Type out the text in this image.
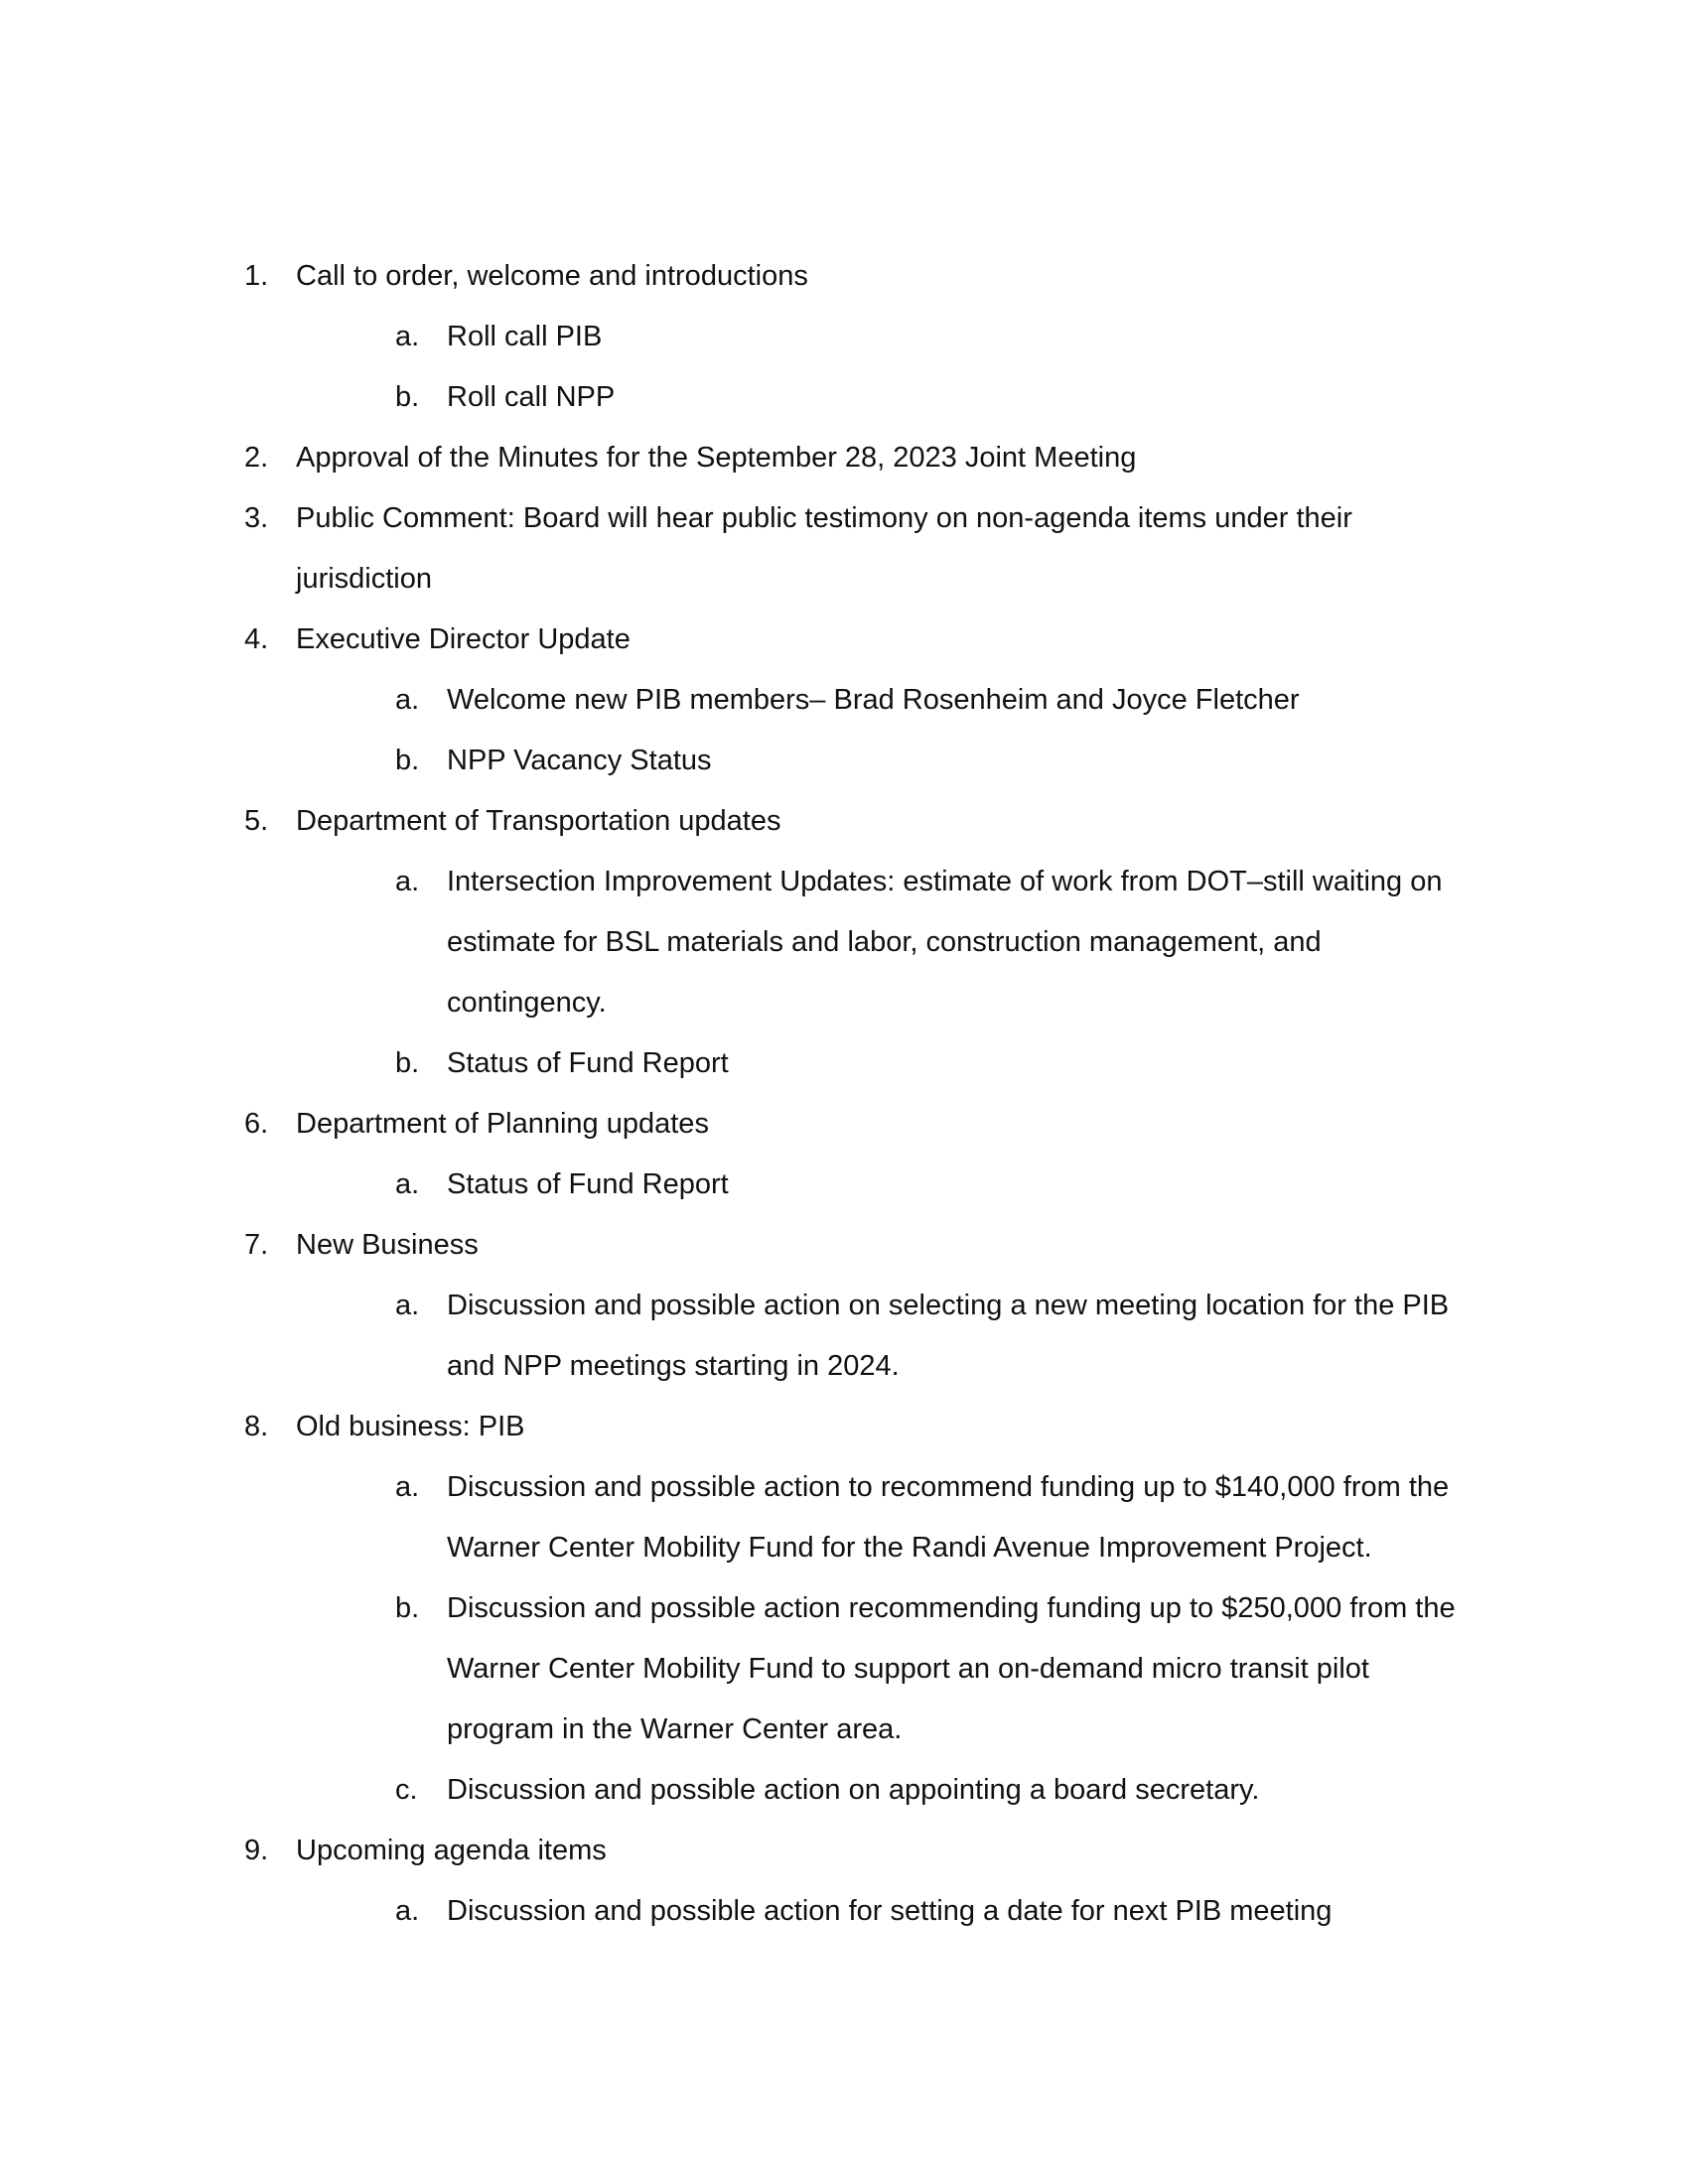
1. Call to order, welcome and introductions
a. Roll call PIB
b. Roll call NPP
2. Approval of the Minutes for the September 28, 2023 Joint Meeting
3. Public Comment: Board will hear public testimony on non-agenda items under their jurisdiction
4. Executive Director Update
a. Welcome new PIB members– Brad Rosenheim and Joyce Fletcher
b. NPP Vacancy Status
5. Department of Transportation updates
a. Intersection Improvement Updates: estimate of work from DOT–still waiting on estimate for BSL materials and labor, construction management, and contingency.
b. Status of Fund Report
6. Department of Planning updates
a. Status of Fund Report
7. New Business
a. Discussion and possible action on selecting a new meeting location for the PIB and NPP meetings starting in 2024.
8. Old business: PIB
a. Discussion and possible action to recommend funding up to $140,000 from the Warner Center Mobility Fund for the Randi Avenue Improvement Project.
b. Discussion and possible action recommending funding up to $250,000 from the Warner Center Mobility Fund to support an on-demand micro transit pilot program in the Warner Center area.
c.	Discussion and possible action on appointing a board secretary.
9. Upcoming agenda items
a. Discussion and possible action for setting a date for next PIB meeting
